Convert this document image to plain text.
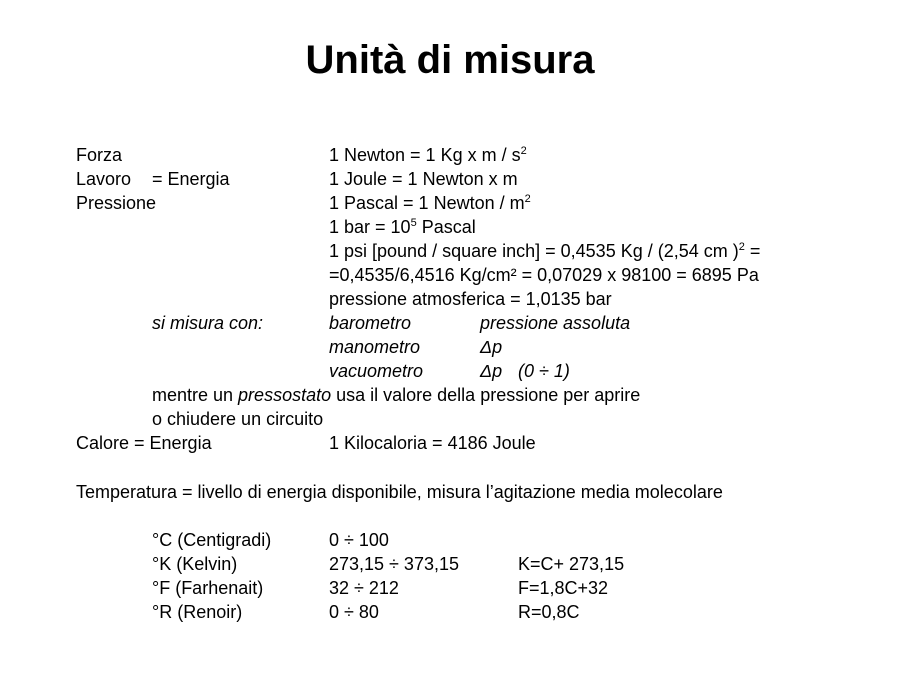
Unità di misura
Forza	1 Newton = 1 Kg x m / $s^2$
Lavoro = Energia	1 Joule = 1 Newton x m
Pressione	1 Pascal = 1 Newton / $m^2$
1 bar = $10^5$ Pascal
1 psi [pound / square inch] = 0,4535 Kg / (2,54 cm )$^2$ =
=0,4535/6,4516 Kg/cm² = 0,07029 x 98100 = 6895 Pa
pressione atmosferica = 1,0135 bar
si misura con:	barometro	pressione assoluta
manometro	Δp
vacuometro	Δp (0 ÷ 1)
mentre un pressostato usa il valore della pressione per aprire
o chiudere un circuito
Calore = Energia	1 Kilocaloria = 4186 Joule
Temperatura = livello di energia disponibile, misura l’agitazione media molecolare
°C (Centigradi)	0 ÷ 100
°K (Kelvin)	273,15 ÷ 373,15	K=C+ 273,15
°F (Farhenait)	32 ÷ 212	F=1,8C+32
°R (Renoir)	0 ÷ 80	R=0,8C
